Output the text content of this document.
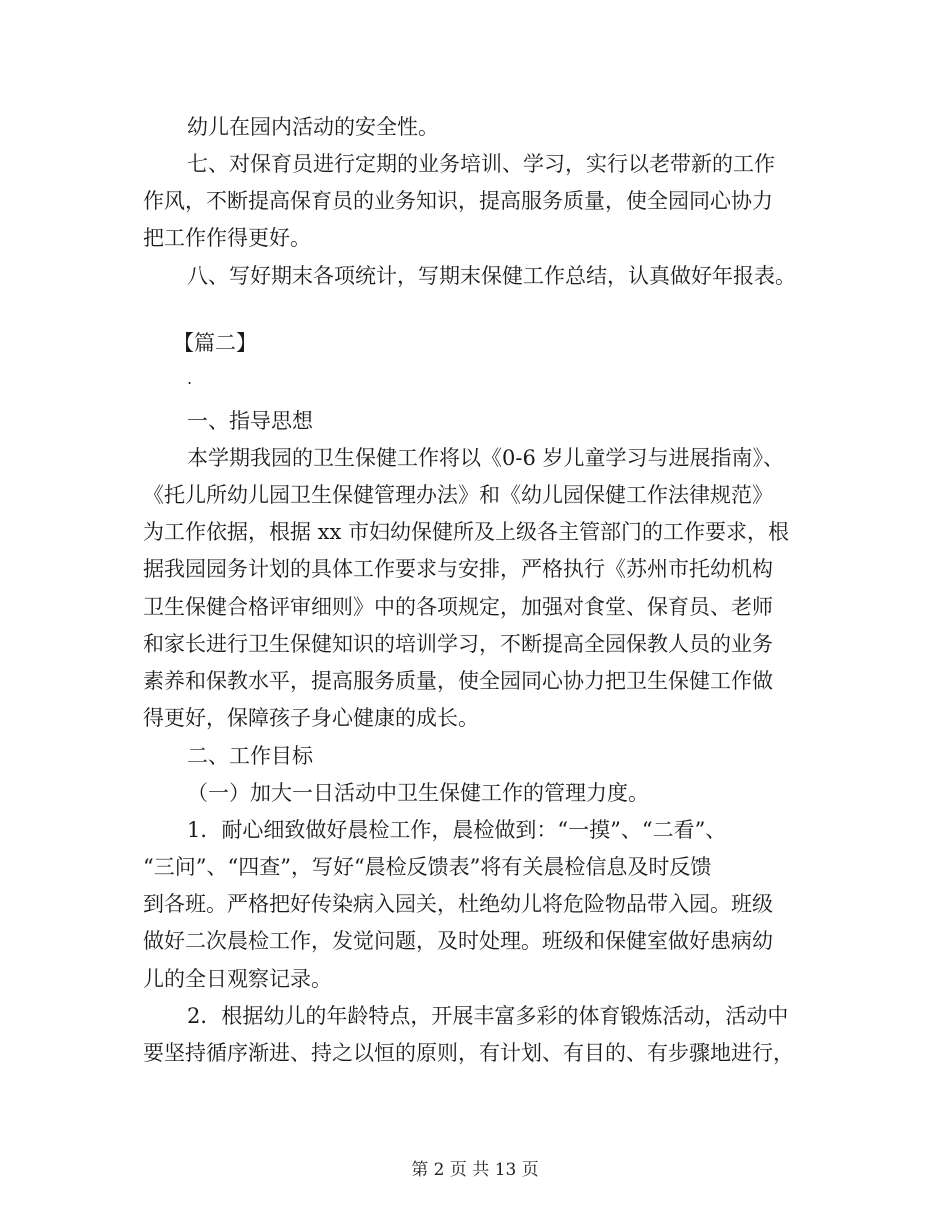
幼儿在园内活动的安全性。
七、对保育员进行定期的业务培训、学习，实行以老带新的工作
作风，不断提高保育员的业务知识，提高服务质量，使全园同心协力
把工作作得更好。
八、写好期末各项统计，写期末保健工作总结，认真做好年报表。
【篇二】
.
一、指导思想
本学期我园的卫生保健工作将以《0-6 岁儿童学习与进展指南》、
《托儿所幼儿园卫生保健管理办法》和《幼儿园保健工作法律规范》
为工作依据，根据 xx 市妇幼保健所及上级各主管部门的工作要求，根
据我园园务计划的具体工作要求与安排，严格执行《苏州市托幼机构
卫生保健合格评审细则》中的各项规定，加强对食堂、保育员、老师
和家长进行卫生保健知识的培训学习，不断提高全园保教人员的业务
素养和保教水平，提高服务质量，使全园同心协力把卫生保健工作做
得更好，保障孩子身心健康的成长。
二、工作目标
（一）加大一日活动中卫生保健工作的管理力度。
1．耐心细致做好晨检工作，晨检做到：“一摸”、“二看”、
“三问”、“四查”，写好“晨检反馈表”将有关晨检信息及时反馈
到各班。严格把好传染病入园关，杜绝幼儿将危险物品带入园。班级
做好二次晨检工作，发觉问题，及时处理。班级和保健室做好患病幼
儿的全日观察记录。
2．根据幼儿的年龄特点，开展丰富多彩的体育锻炼活动，活动中
要坚持循序渐进、持之以恒的原则，有计划、有目的、有步骤地进行，
第 2 页 共 13 页
